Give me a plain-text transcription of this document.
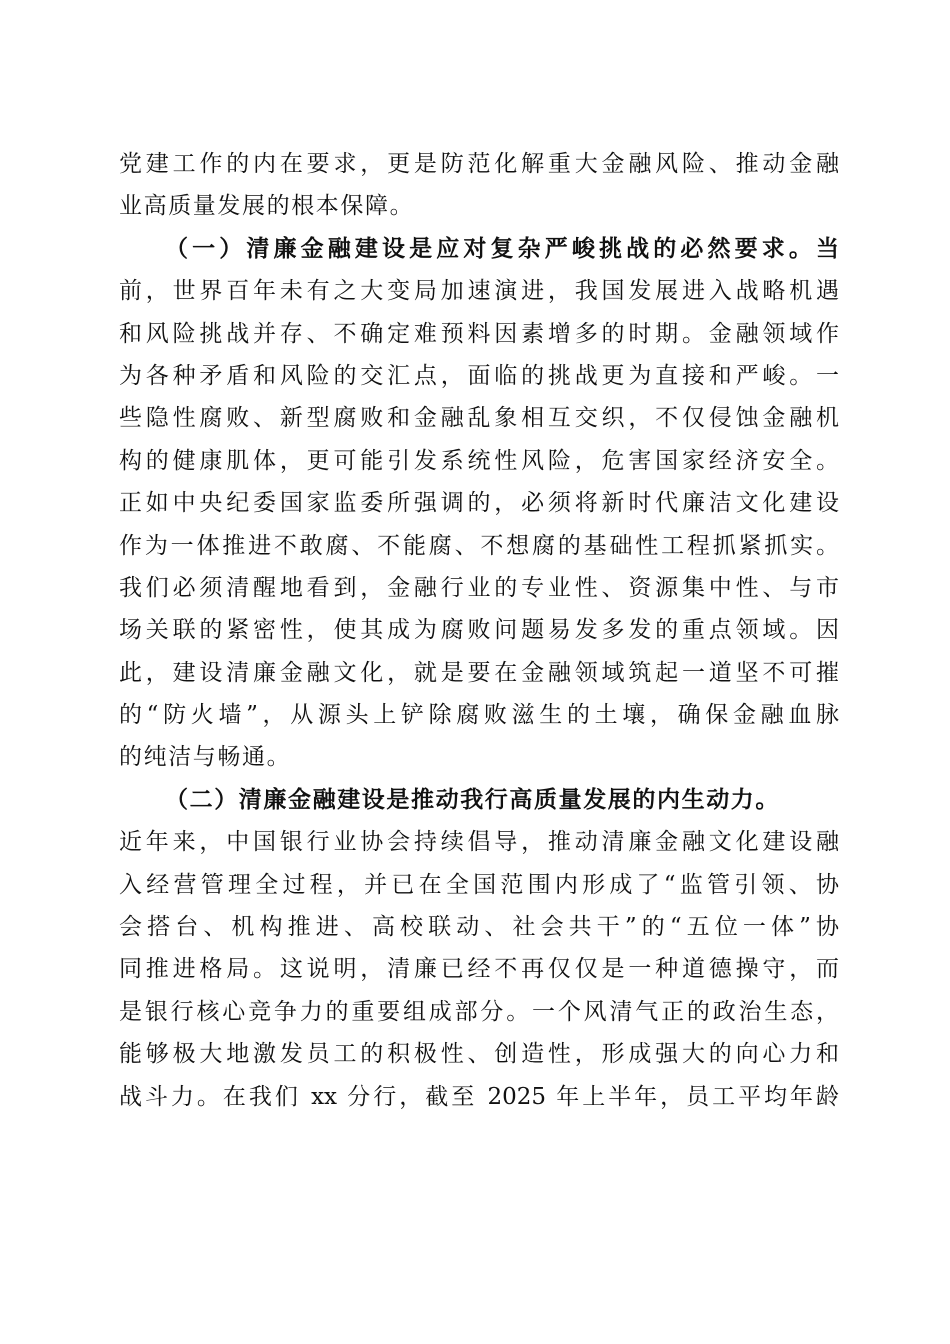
党建工作的内在要求，更是防范化解重大金融风险、推动金融
业高质量发展的根本保障。
（一）清廉金融建设是应对复杂严峻挑战的必然要求。当
前，世界百年未有之大变局加速演进，我国发展进入战略机遇
和风险挑战并存、不确定难预料因素增多的时期。金融领域作
为各种矛盾和风险的交汇点，面临的挑战更为直接和严峻。一
些隐性腐败、新型腐败和金融乱象相互交织，不仅侵蚀金融机
构的健康肌体，更可能引发系统性风险，危害国家经济安全。
正如中央纪委国家监委所强调的，必须将新时代廉洁文化建设
作为一体推进不敢腐、不能腐、不想腐的基础性工程抓紧抓实。
我们必须清醒地看到，金融行业的专业性、资源集中性、与市
场关联的紧密性，使其成为腐败问题易发多发的重点领域。因
此，建设清廉金融文化，就是要在金融领域筑起一道坚不可摧
的“防火墙”，从源头上铲除腐败滋生的土壤，确保金融血脉
的纯洁与畅通。
（二）清廉金融建设是推动我行高质量发展的内生动力。
近年来，中国银行业协会持续倡导，推动清廉金融文化建设融
入经营管理全过程，并已在全国范围内形成了“监管引领、协
会搭台、机构推进、高校联动、社会共干”的“五位一体”协
同推进格局。这说明，清廉已经不再仅仅是一种道德操守，而
是银行核心竞争力的重要组成部分。一个风清气正的政治生态，
能够极大地激发员工的积极性、创造性，形成强大的向心力和
战斗力。在我们 xx 分行，截至 2025 年上半年，员工平均年龄
